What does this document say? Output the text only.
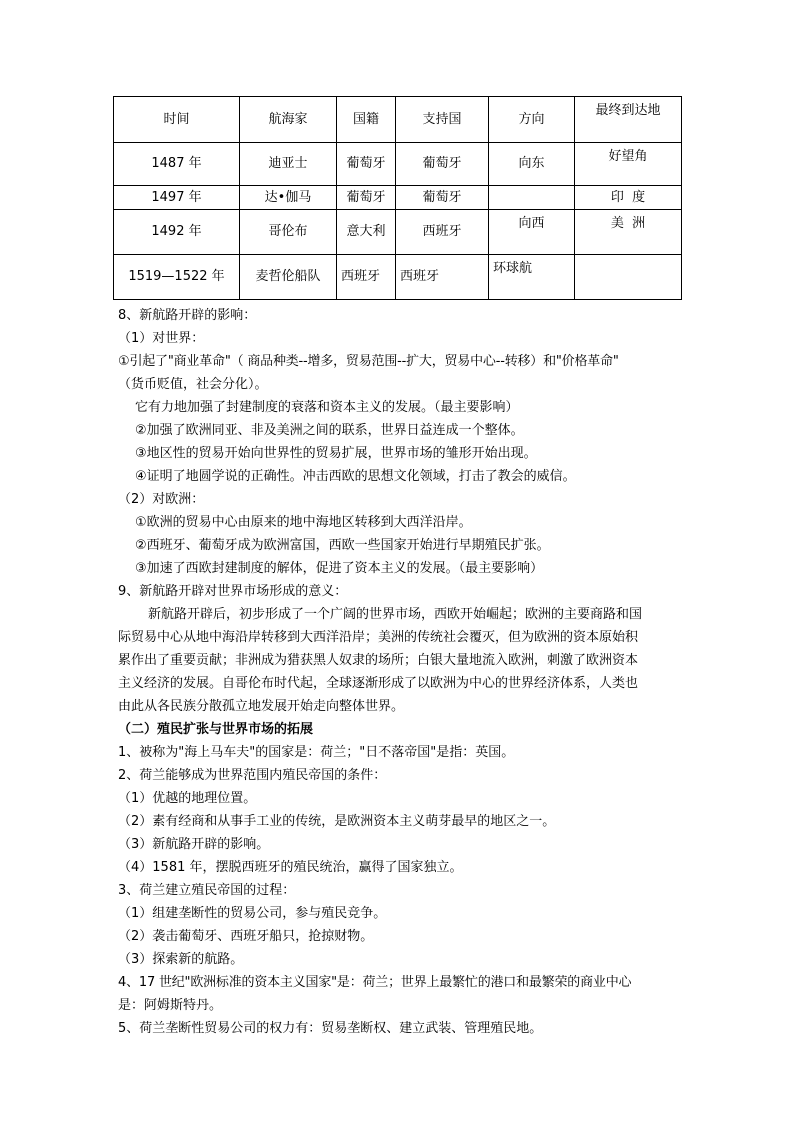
时间	航海家	国籍	支持国	方向	最终到达地
1487 年	迪亚士	葡萄牙	葡萄牙	向东	好望角
1497 年	达•伽马	葡萄牙	葡萄牙		印  度
1492 年	哥伦布	意大利	西班牙	向西	美  洲
1519—1522 年	麦哲伦船队	西班牙	西班牙	环球航	
8、新航路开辟的影响：
（1）对世界：
①引起了"商业革命"（ 商品种类--增多，贸易范围--扩大，贸易中心--转移）和"价格革命"
（货币贬值，社会分化）。
它有力地加强了封建制度的衰落和资本主义的发展。（最主要影响）
②加强了欧洲同亚、非及美洲之间的联系，世界日益连成一个整体。
③地区性的贸易开始向世界性的贸易扩展，世界市场的雏形开始出现。
④证明了地圆学说的正确性。冲击西欧的思想文化领域，打击了教会的威信。
（2）对欧洲：
①欧洲的贸易中心由原来的地中海地区转移到大西洋沿岸。
②西班牙、葡萄牙成为欧洲富国，西欧一些国家开始进行早期殖民扩张。
③加速了西欧封建制度的解体，促进了资本主义的发展。（最主要影响）
9、新航路开辟对世界市场形成的意义：
新航路开辟后，初步形成了一个广阔的世界市场，西欧开始崛起；欧洲的主要商路和国
际贸易中心从地中海沿岸转移到大西洋沿岸；美洲的传统社会覆灭，但为欧洲的资本原始积
累作出了重要贡献；非洲成为猎获黑人奴隶的场所；白银大量地流入欧洲，刺激了欧洲资本
主义经济的发展。自哥伦布时代起，全球逐渐形成了以欧洲为中心的世界经济体系，人类也
由此从各民族分散孤立地发展开始走向整体世界。
（二）殖民扩张与世界市场的拓展
1、被称为"海上马车夫"的国家是：荷兰；"日不落帝国"是指：英国。
2、荷兰能够成为世界范围内殖民帝国的条件：
（1）优越的地理位置。
（2）素有经商和从事手工业的传统，是欧洲资本主义萌芽最早的地区之一。
（3）新航路开辟的影响。
（4）1581 年，摆脱西班牙的殖民统治，赢得了国家独立。
3、荷兰建立殖民帝国的过程：
（1）组建垄断性的贸易公司，参与殖民竞争。
（2）袭击葡萄牙、西班牙船只，抢掠财物。
（3）探索新的航路。
4、17 世纪"欧洲标准的资本主义国家"是：荷兰；世界上最繁忙的港口和最繁荣的商业中心
是：阿姆斯特丹。
5、荷兰垄断性贸易公司的权力有：贸易垄断权、建立武装、管理殖民地。
